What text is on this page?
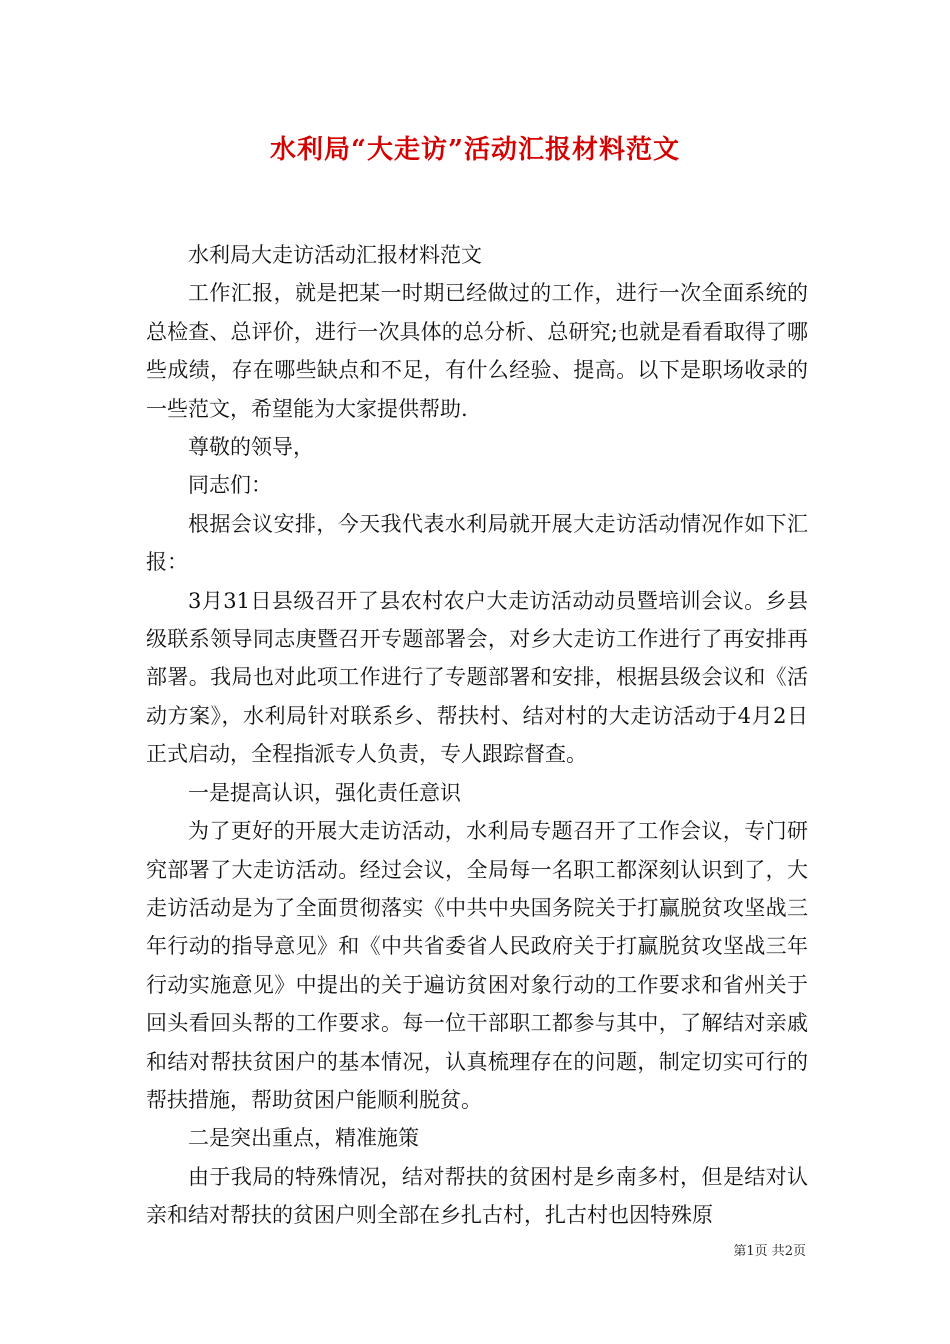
水利局“大走访”活动汇报材料范文

水利局大走访活动汇报材料范文

工作汇报，就是把某一时期已经做过的工作，进行一次全面系统的总检查、总评价，进行一次具体的总分析、总研究;也就是看看取得了哪些成绩，存在哪些缺点和不足，有什么经验、提高。以下是职场收录的一些范文，希望能为大家提供帮助.

尊敬的领导，

同志们：

根据会议安排，今天我代表水利局就开展大走访活动情况作如下汇报：

3月31日县级召开了县农村农户大走访活动动员暨培训会议。乡县级联系领导同志庚暨召开专题部署会，对乡大走访工作进行了再安排再部署。我局也对此项工作进行了专题部署和安排，根据县级会议和《活动方案》，水利局针对联系乡、帮扶村、结对村的大走访活动于4月2日正式启动，全程指派专人负责，专人跟踪督查。

一是提高认识，强化责任意识

为了更好的开展大走访活动，水利局专题召开了工作会议，专门研究部署了大走访活动。经过会议，全局每一名职工都深刻认识到了，大走访活动是为了全面贯彻落实《中共中央国务院关于打赢脱贫攻坚战三年行动的指导意见》和《中共省委省人民政府关于打赢脱贫攻坚战三年行动实施意见》中提出的关于遍访贫困对象行动的工作要求和省州关于回头看回头帮的工作要求。每一位干部职工都参与其中，了解结对亲戚和结对帮扶贫困户的基本情况，认真梳理存在的问题，制定切实可行的帮扶措施，帮助贫困户能顺利脱贫。

二是突出重点，精准施策

由于我局的特殊情况，结对帮扶的贫困村是乡南多村，但是结对认亲和结对帮扶的贫困户则全部在乡扎古村，扎古村也因特殊原

第1页 共2页
